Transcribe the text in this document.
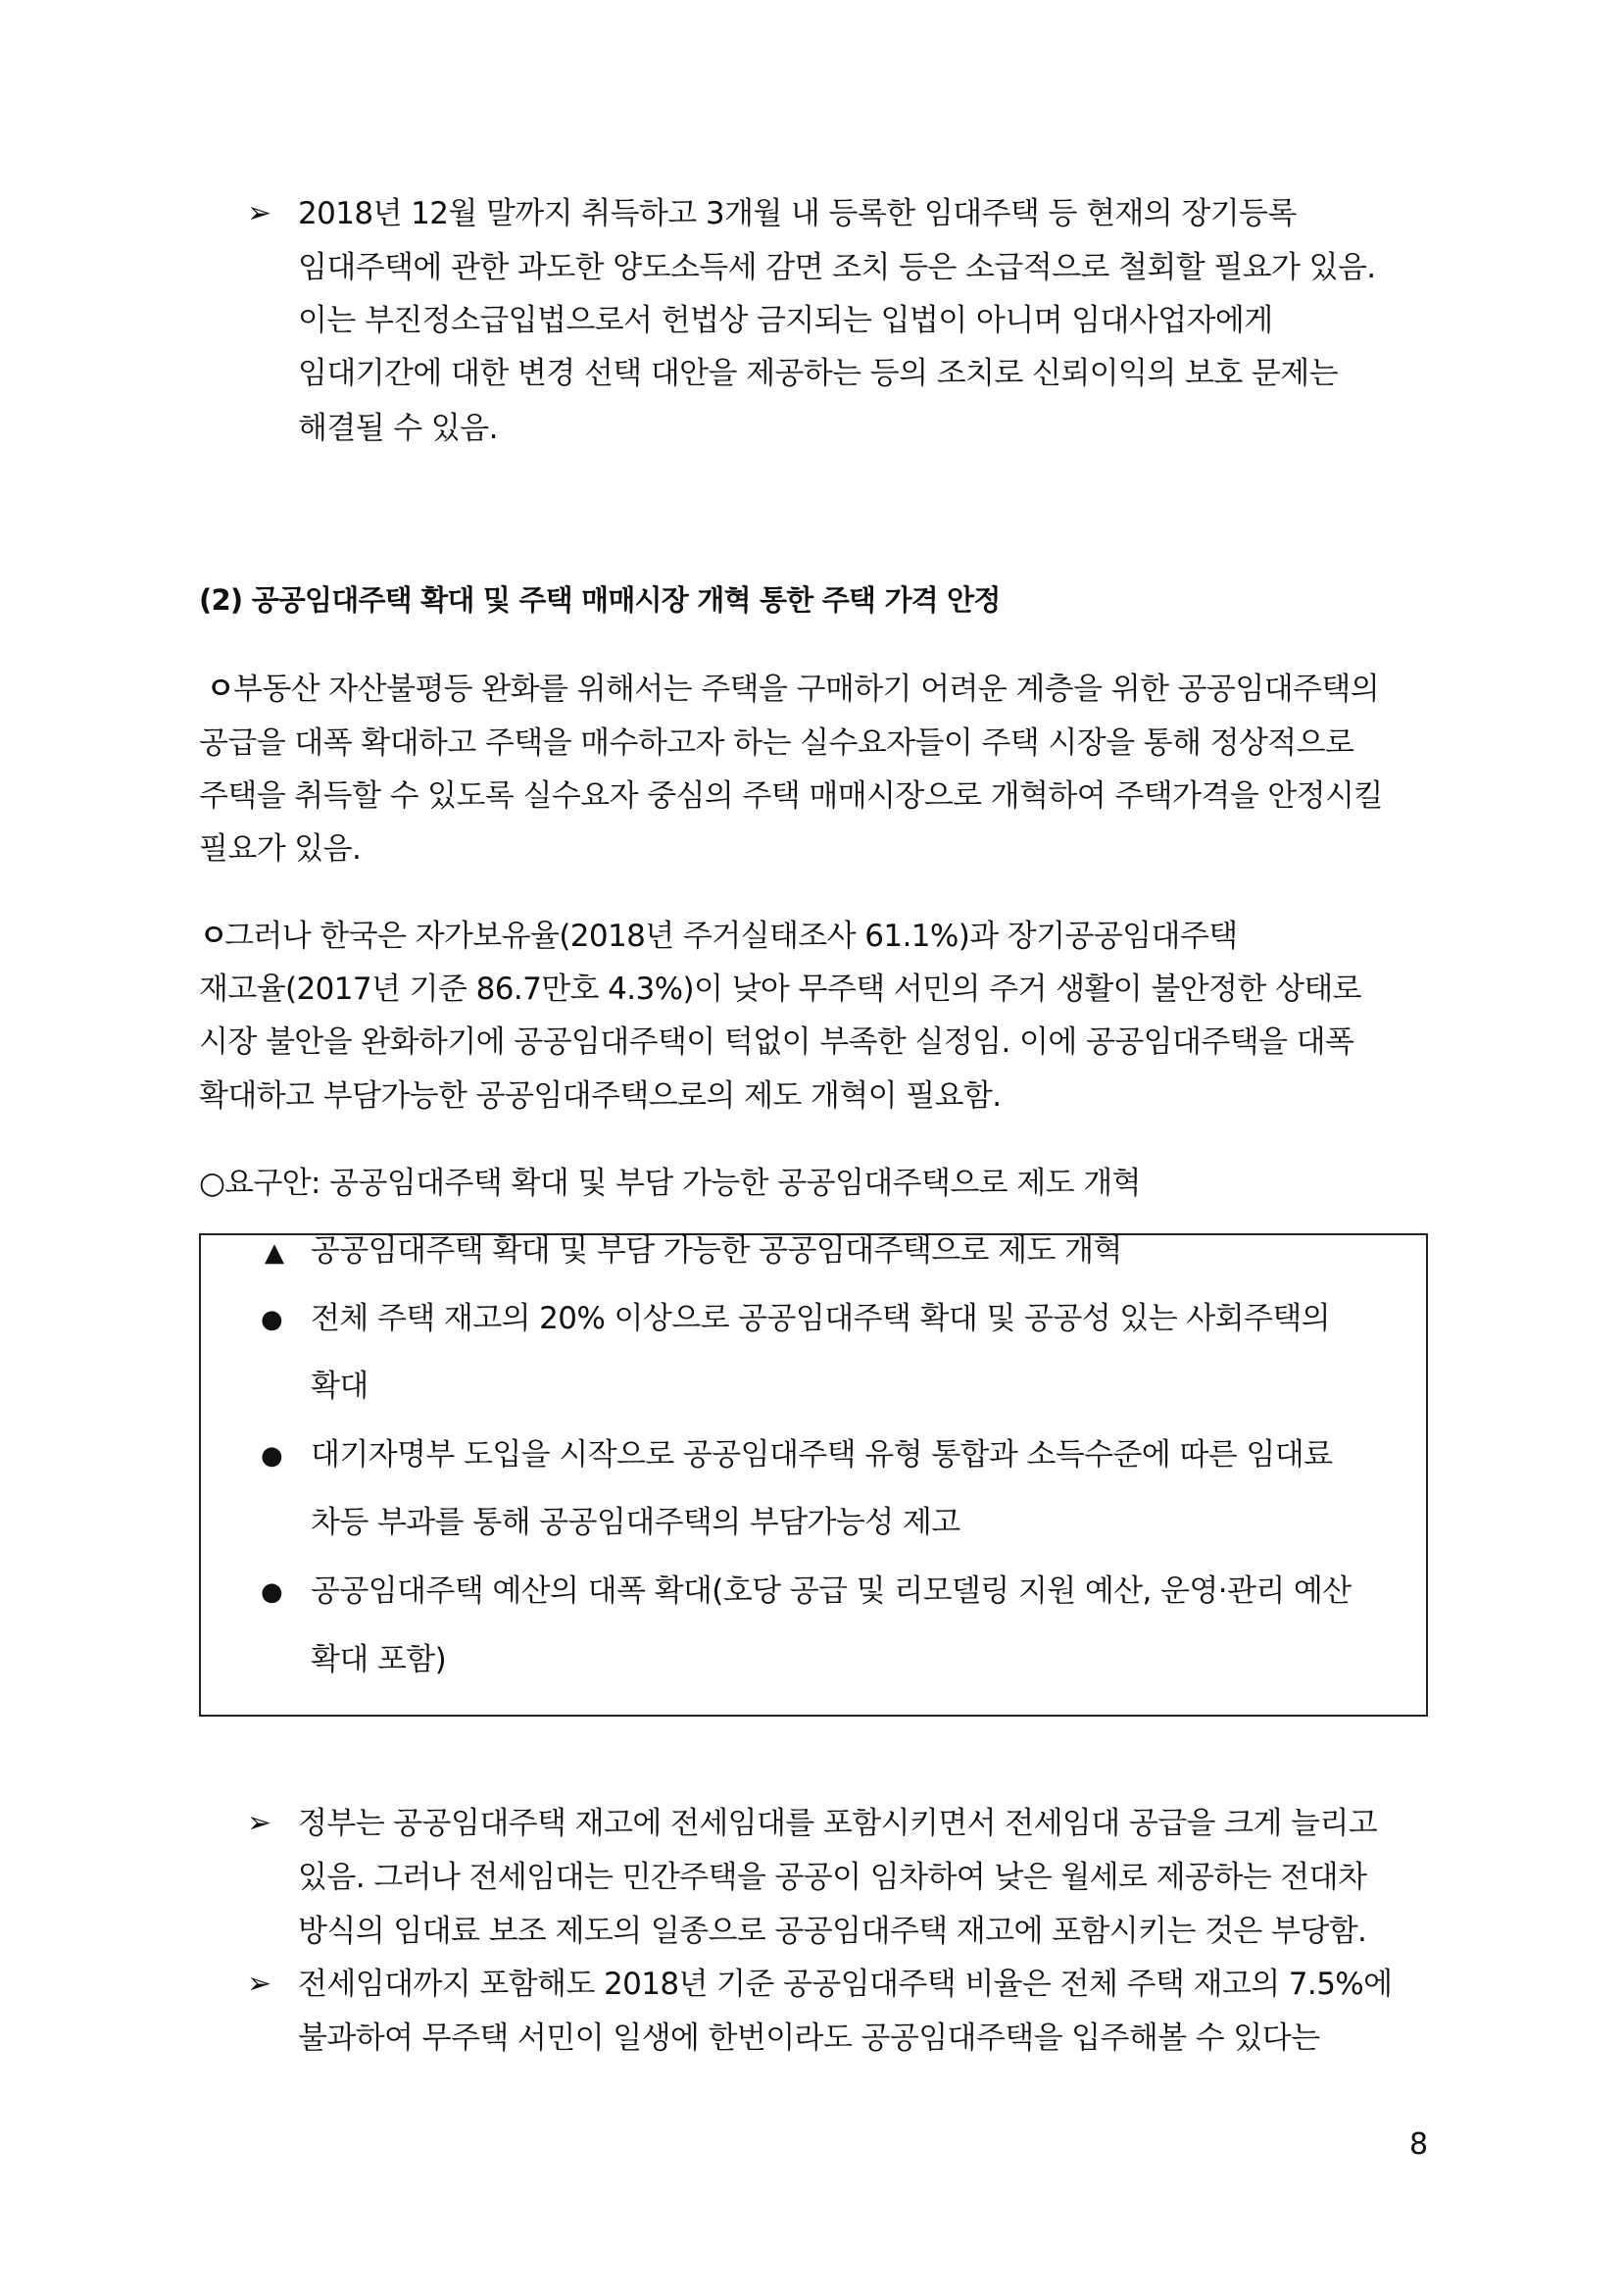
➢ 2018년 12월 말까지 취득하고 3개월 내 등록한 임대주택 등 현재의 장기등록
임대주택에 관한 과도한 양도소득세 감면 조치 등은 소급적으로 철회할 필요가 있음.
이는 부진정소급입법으로서 헌법상 금지되는 입법이 아니며 임대사업자에게
임대기간에 대한 변경 선택 대안을 제공하는 등의 조치로 신뢰이익의 보호 문제는
해결될 수 있음.
(2) 공공임대주택 확대 및 주택 매매시장 개혁 통한 주택 가격 안정
ㅇ
부동산 자산불평등 완화를 위해서는 주택을 구매하기 어려운 계층을 위한 공공임대주택의
공급을 대폭 확대하고 주택을 매수하고자 하는 실수요자들이 주택 시장을 통해 정상적으로
주택을 취득할 수 있도록 실수요자 중심의 주택 매매시장으로 개혁하여 주택가격을 안정시킬
필요가 있음.
ㅇ
그러나 한국은 자가보유율(2018년 주거실태조사 61.1%)과 장기공공임대주택
재고율(2017년 기준 86.7만호 4.3%)이 낮아 무주택 서민의 주거 생활이 불안정한 상태로
시장 불안을 완화하기에 공공임대주택이 턱없이 부족한 실정임. 이에 공공임대주택을 대폭
확대하고 부담가능한 공공임대주택으로의 제도 개혁이 필요함.
○ 요구안: 공공임대주택 확대 및 부담 가능한 공공임대주택으로 제도 개혁
▲ 공공임대주택 확대 및 부담 가능한 공공임대주택으로 제도 개혁
● 전체 주택 재고의 20% 이상으로 공공임대주택 확대 및 공공성 있는 사회주택의
확대
● 대기자명부 도입을 시작으로 공공임대주택 유형 통합과 소득수준에 따른 임대료
차등 부과를 통해 공공임대주택의 부담가능성 제고
● 공공임대주택 예산의 대폭 확대(호당 공급 및 리모델링 지원 예산, 운영·관리 예산
확대 포함)
➢ 정부는 공공임대주택 재고에 전세임대를 포함시키면서 전세임대 공급을 크게 늘리고
있음. 그러나 전세임대는 민간주택을 공공이 임차하여 낮은 월세로 제공하는 전대차
방식의 임대료 보조 제도의 일종으로 공공임대주택 재고에 포함시키는 것은 부당함.
➢ 전세임대까지 포함해도 2018년 기준 공공임대주택 비율은 전체 주택 재고의 7.5%에
불과하여 무주택 서민이 일생에 한번이라도 공공임대주택을 입주해볼 수 있다는
8
